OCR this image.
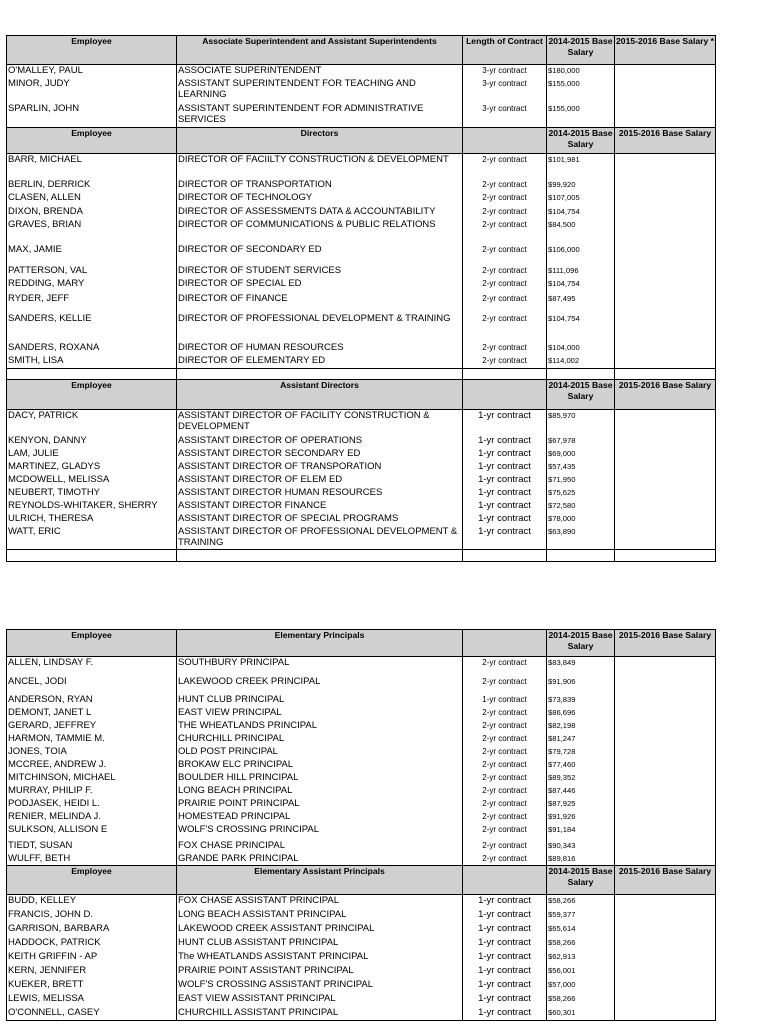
Employee	Associate Superintendent and Assistant Superintendents	Length of Contract	2014-2015 Base Salary	2015-2016 Base Salary *
O'MALLEY, PAUL	ASSOCIATE SUPERINTENDENT	3-yr contract	$180,000	
MINOR, JUDY	ASSISTANT SUPERINTENDENT FOR TEACHING AND LEARNING	3-yr contract	$155,000	
SPARLIN, JOHN	ASSISTANT SUPERINTENDENT FOR ADMINISTRATIVE SERVICES	3-yr contract	$155,000	
Employee	Directors		2014-2015 Base Salary	2015-2016 Base Salary
BARR, MICHAEL	DIRECTOR OF FACIILTY CONSTRUCTION & DEVELOPMENT	2-yr contract	$101,981	
BERLIN, DERRICK	DIRECTOR OF TRANSPORTATION	2-yr contract	$99,920	
CLASEN, ALLEN	DIRECTOR OF TECHNOLOGY	2-yr contract	$107,005	
DIXON, BRENDA	DIRECTOR OF ASSESSMENTS DATA & ACCOUNTABILITY	2-yr contract	$104,754	
GRAVES, BRIAN	DIRECTOR OF COMMUNICATIONS & PUBLIC RELATIONS	2-yr contract	$84,500	
MAX, JAMIE	DIRECTOR OF SECONDARY ED	2-yr contract	$106,000	
PATTERSON, VAL	DIRECTOR OF STUDENT SERVICES	2-yr contract	$111,096	
REDDING, MARY	DIRECTOR OF SPECIAL ED	2-yr contract	$104,754	
RYDER, JEFF	DIRECTOR OF FINANCE	2-yr contract	$87,495	
SANDERS, KELLIE	DIRECTOR OF PROFESSIONAL DEVELOPMENT & TRAINING	2-yr contract	$104,754	
SANDERS, ROXANA	DIRECTOR OF HUMAN RESOURCES	2-yr contract	$104,000	
SMITH, LISA	DIRECTOR OF ELEMENTARY ED	2-yr contract	$114,002	

Employee	Assistant Directors		2014-2015 Base Salary	2015-2016 Base Salary
DACY, PATRICK	ASSISTANT DIRECTOR OF FACILITY CONSTRUCTION & DEVELOPMENT	1-yr contract	$85,970	
KENYON, DANNY	ASSISTANT DIRECTOR OF OPERATIONS	1-yr contract	$67,978	
LAM, JULIE	ASSISTANT DIRECTOR SECONDARY ED	1-yr contract	$69,000	
MARTINEZ, GLADYS	ASSISTANT DIRECTOR OF TRANSPORATION	1-yr contract	$57,435	
MCDOWELL, MELISSA	ASSISTANT DIRECTOR OF ELEM ED	1-yr contract	$71,950	
NEUBERT, TIMOTHY	ASSISTANT DIRECTOR HUMAN RESOURCES	1-yr contract	$75,625	
REYNOLDS-WHITAKER, SHERRY	ASSISTANT DIRECTOR FINANCE	1-yr contract	$72,580	
ULRICH, THERESA	ASSISTANT DIRECTOR OF SPECIAL PROGRAMS	1-yr contract	$78,000	
WATT, ERIC	ASSISTANT DIRECTOR OF PROFESSIONAL DEVELOPMENT & TRAINING	1-yr contract	$63,890	

Employee	Elementary Principals		2014-2015 Base Salary	2015-2016 Base Salary
ALLEN, LINDSAY F.	SOUTHBURY PRINCIPAL	2-yr contract	$83,849	
ANCEL, JODI	LAKEWOOD CREEK PRINCIPAL	2-yr contract	$91,906	
ANDERSON, RYAN	HUNT CLUB PRINCIPAL	1-yr contract	$73,839	
DEMONT, JANET L	EAST VIEW PRINCIPAL	2-yr contract	$86,696	
GERARD, JEFFREY	THE WHEATLANDS PRINCIPAL	2-yr contract	$82,198	
HARMON, TAMMIE M.	CHURCHILL PRINCIPAL	2-yr contract	$81,247	
JONES, TOIA	OLD POST PRINCIPAL	2-yr contract	$79,728	
MCCREE, ANDREW J.	BROKAW ELC PRINCIPAL	2-yr contract	$77,460	
MITCHINSON, MICHAEL	BOULDER HILL PRINCIPAL	2-yr contract	$89,352	
MURRAY, PHILIP F.	LONG BEACH PRINCIPAL	2-yr contract	$87,446	
PODJASEK, HEIDI L.	PRAIRIE POINT PRINCIPAL	2-yr contract	$87,925	
RENIER, MELINDA J.	HOMESTEAD PRINCIPAL	2-yr contract	$91,926	
SULKSON, ALLISON E	WOLF'S CROSSING PRINCIPAL	2-yr contract	$91,184	
TIEDT, SUSAN	FOX CHASE PRINCIPAL	2-yr contract	$90,343	
WULFF, BETH	GRANDE PARK PRINCIPAL	2-yr contract	$89,816	
Employee	Elementary Assistant Principals		2014-2015 Base Salary	2015-2016 Base Salary
BUDD, KELLEY	FOX CHASE ASSISTANT PRINCIPAL	1-yr contract	$58,266	
FRANCIS, JOHN D.	LONG BEACH ASSISTANT PRINCIPAL	1-yr contract	$59,377	
GARRISON, BARBARA	LAKEWOOD CREEK ASSISTANT PRINCIPAL	1-yr contract	$65,614	
HADDOCK, PATRICK	HUNT CLUB ASSISTANT PRINCIPAL	1-yr contract	$58,266	
KEITH GRIFFIN - AP	The WHEATLANDS ASSISTANT PRINCIPAL	1-yr contract	$62,913	
KERN, JENNIFER	PRAIRIE POINT ASSISTANT PRINCIPAL	1-yr contract	$56,001	
KUEKER, BRETT	WOLF'S CROSSING ASSISTANT PRINCIPAL	1-yr contract	$57,000	
LEWIS, MELISSA	EAST VIEW ASSISTANT PRINCIPAL	1-yr contract	$58,266	
O'CONNELL, CASEY	CHURCHILL ASSISTANT PRINCIPAL	1-yr contract	$60,301	
